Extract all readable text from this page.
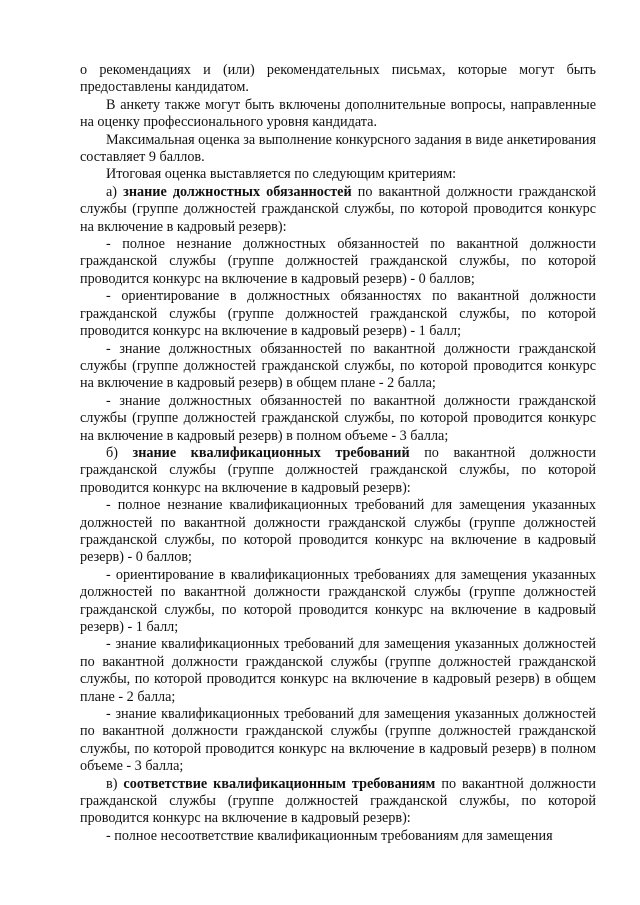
о рекомендациях и (или) рекомендательных письмах, которые могут быть предоставлены кандидатом.

В анкету также могут быть включены дополнительные вопросы, направленные на оценку профессионального уровня кандидата.

Максимальная оценка за выполнение конкурсного задания в виде анкетирования составляет 9 баллов.

Итоговая оценка выставляется по следующим критериям:

а) знание должностных обязанностей по вакантной должности гражданской службы (группе должностей гражданской службы, по которой проводится конкурс на включение в кадровый резерв):

- полное незнание должностных обязанностей по вакантной должности гражданской службы (группе должностей гражданской службы, по которой проводится конкурс на включение в кадровый резерв) - 0 баллов;

- ориентирование в должностных обязанностях по вакантной должности гражданской службы (группе должностей гражданской службы, по которой проводится конкурс на включение в кадровый резерв) - 1 балл;

- знание должностных обязанностей по вакантной должности гражданской службы (группе должностей гражданской службы, по которой проводится конкурс на включение в кадровый резерв) в общем плане - 2 балла;

- знание должностных обязанностей по вакантной должности гражданской службы (группе должностей гражданской службы, по которой проводится конкурс на включение в кадровый резерв) в полном объеме - 3 балла;

б) знание квалификационных требований по вакантной должности гражданской службы (группе должностей гражданской службы, по которой проводится конкурс на включение в кадровый резерв):

- полное незнание квалификационных требований для замещения указанных должностей по вакантной должности гражданской службы (группе должностей гражданской службы, по которой проводится конкурс на включение в кадровый резерв) - 0 баллов;

- ориентирование в квалификационных требованиях для замещения указанных должностей по вакантной должности гражданской службы (группе должностей гражданской службы, по которой проводится конкурс на включение в кадровый резерв) - 1 балл;

- знание квалификационных требований для замещения указанных должностей по вакантной должности гражданской службы (группе должностей гражданской службы, по которой проводится конкурс на включение в кадровый резерв) в общем плане - 2 балла;

- знание квалификационных требований для замещения указанных должностей по вакантной должности гражданской службы (группе должностей гражданской службы, по которой проводится конкурс на включение в кадровый резерв) в полном объеме - 3 балла;

в) соответствие квалификационным требованиям по вакантной должности гражданской службы (группе должностей гражданской службы, по которой проводится конкурс на включение в кадровый резерв):

- полное несоответствие квалификационным требованиям для замещения
